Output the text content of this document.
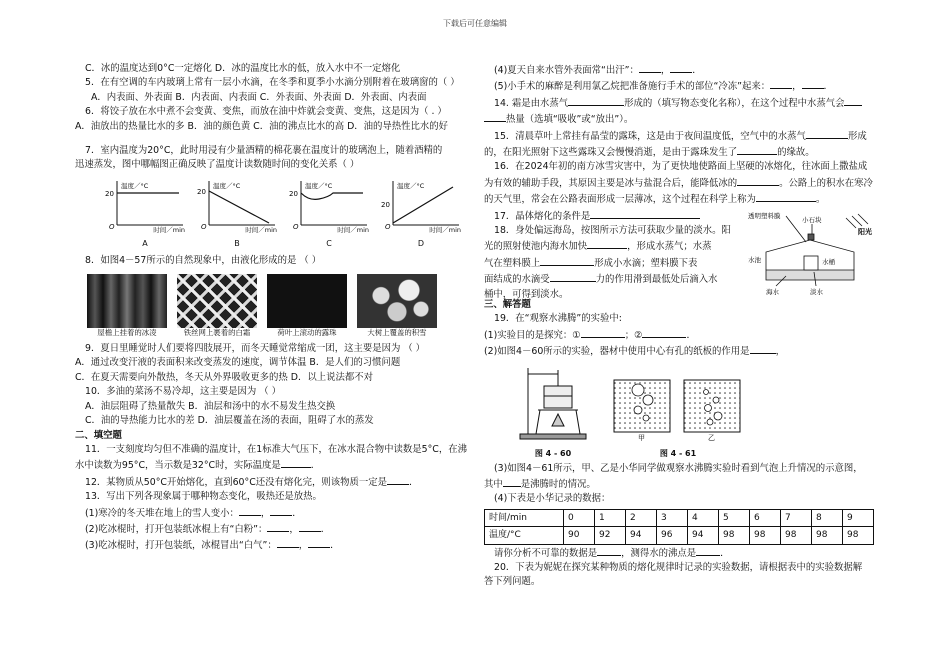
下载后可任意编辑
C．冰的温度达到0°C一定熔化 D．冰的温度比水的低，放入水中不一定熔化
5．在有空调的车内玻璃上常有一层小水滴，在冬季和夏季小水滴分别附着在玻璃窗的（ ）
A．内表面、外表面 B．内表面、内表面 C．外表面、外表面 D．外表面、内表面
6．将饺子放在水中煮不会变黄、变焦，而放在油中炸就会变黄、变焦，这是因为（ . ）
A．油放出的热量比水的多 B．油的颜色黄 C．油的沸点比水的高 D．油的导热性比水的好
7．室内温度为20°C，此时用浸有少量酒精的棉花裹在温度计的玻璃泡上，随着酒精的
迅速蒸发，图中哪幅图正确反映了温度计读数随时间的变化关系（ ）
20
温度／°C
O	时间／min
A
20
温度／°C
O	时间／min
B
20
温度／°C
O	时间／min
C
20
温度／°C
O	时间／min
D
8．如图4－57所示的自然现象中，由液化形成的是 （ ）
屋檐上挂着的冰凌	铁丝网上裹着的白霜	荷叶上滚动的露珠	大树上覆盖的积雪
9．夏日里睡觉时人们要将四肢展开，而冬天睡觉常缩成一团，这主要是因为 （ ）
A．通过改变汗液的表面积来改变蒸发的速度，调节体温 B．是人们的习惯问题
C．在夏天需要向外散热，冬天从外界吸收更多的热 D．以上说法都不对
10．多油的菜汤不易冷却，这主要是因为 （ ）
A．油层阻碍了热量散失 B．油层和汤中的水不易发生热交换
C．油的导热能力比水的差 D．油层覆盖在汤的表面，阻碍了水的蒸发
二、填空题
11．一支刻度均匀但不准确的温度计，在1标准大气压下，在冰水混合物中读数是5°C，在沸
水中读数为95°C，当示数是32°C时，实际温度是	．
12．某物质从50°C开始熔化，直到60°C还没有熔化完，则该物质一定是 ．
13．写出下列各现象属于哪种物态变化，吸热还是放热。
(1)寒冷的冬天堆在地上的雪人变小： ， ．
(2)吃冰棍时，打开包装纸冰棍上有“白粉”： ， ．
(3)吃冰棍时，打开包装纸，冰棍冒出“白气”： ， ．
(4)夏天自来水管外表面常“出汗”： ， ．
(5)小手术的麻醉是利用氯乙烷把准备施行手术的部位“冷冻”起来： ， ．
14. 霜是由水蒸气	形成的（填写物态变化名称），在这个过程中水蒸气会
热量（选填“吸收”或“放出”）。
15．清晨草叶上常挂有晶莹的露珠，这是由于夜间温度低，空气中的水蒸气	形成
的，在阳光照射下这些露珠又会慢慢消逝，是由于露珠发生了	的缘故。
16．在2024年初的南方冰雪灾害中，为了更快地使路面上坚硬的冰熔化，往冰面上撒盐成
为有效的辅助手段，其原因主要是冰与盐混合后，能降低冰的	。公路上的积水在寒冷
的天气里，常会在公路表面形成一层薄冰，这个过程在科学上称为	。
17．晶体熔化的条件是
18．身处偏远海岛，按图所示方法可获取少量的淡水。阳
光的照射使池内海水加快	，形成水蒸气；水蒸
气在塑料膜上	形成小水滴；塑料膜下表
面结成的水滴受	力的作用滑到最低处后滴入水
桶中，可得到淡水。
透明塑料膜	小石块
阳光
水池	水桶
海水	淡水
三、解答题
19．在“观察水沸腾”的实验中:
(1)实验目的是探究：①	；②	．
(2)如图4－60所示的实验，器材中使用中心有孔的纸板的作用是	，
图 4 - 60
甲	乙
图 4 - 61
(3)如图4－61所示，甲、乙是小华同学做观察水沸腾实验时看到气泡上升情况的示意图，
其中 是沸腾时的情况。
(4)下表是小华记录的数据：
时间/min	0	1	2	3	4	5	6	7	8	9
温度/°C	90	92	94	96	94	98	98	98	98	98
请你分析不可靠的数据是	，测得水的沸点是	．
20．下表为妮妮在探究某种物质的熔化规律时记录的实验数据，请根据表中的实验数据解
答下列问题。
